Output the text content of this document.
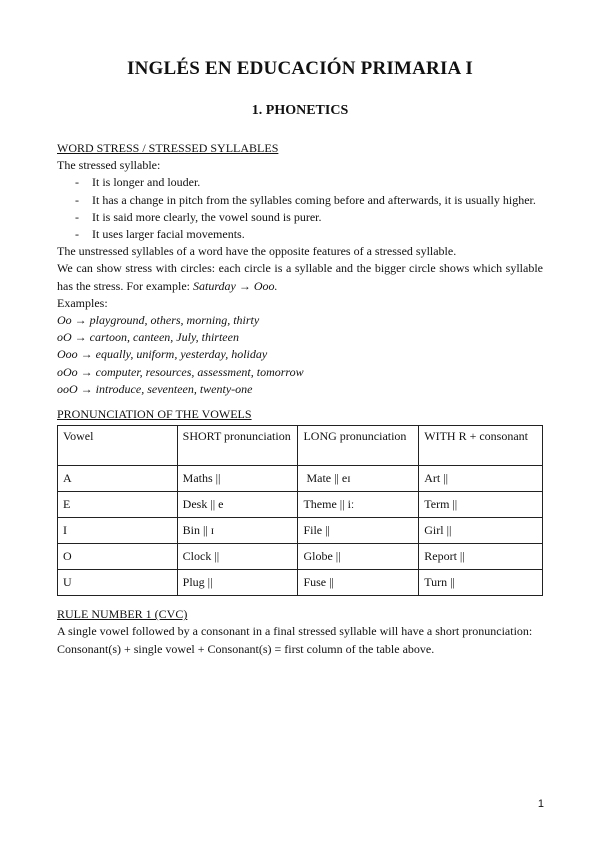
INGLÉS EN EDUCACIÓN PRIMARIA I
1. PHONETICS

WORD STRESS / STRESSED SYLLABLES

The stressed syllable:

- It is longer and louder.
- It has a change in pitch from the syllables coming before and afterwards, it is usually higher.
- It is said more clearly, the vowel sound is purer.
- It uses larger facial movements.

The unstressed syllables of a word have the opposite features of a stressed syllable.

We can show stress with circles: each circle is a syllable and the bigger circle shows which syllable has the stress. For example: Saturday → Ooo.

Examples:

Oo → playground, others, morning, thirty

oO → cartoon, canteen, July, thirteen

Ooo → equally, uniform, yesterday, holiday

oOo → computer, resources, assessment, tomorrow

ooO → introduce, seventeen, twenty-one

PRONUNCIATION OF THE VOWELS

Vowel	SHORT pronunciation	LONG pronunciation	WITH R + consonant
A	Maths ||	Mate || eɪ	Art ||
E	Desk || e	Theme || iː	Term ||
I	Bin || ɪ	File ||	Girl ||
O	Clock ||	Globe ||	Report ||
U	Plug ||	Fuse ||	Turn ||

RULE NUMBER 1 (CVC)

A single vowel followed by a consonant in a final stressed syllable will have a short pronunciation:

Consonant(s) + single vowel + Consonant(s) = first column of the table above.

1
